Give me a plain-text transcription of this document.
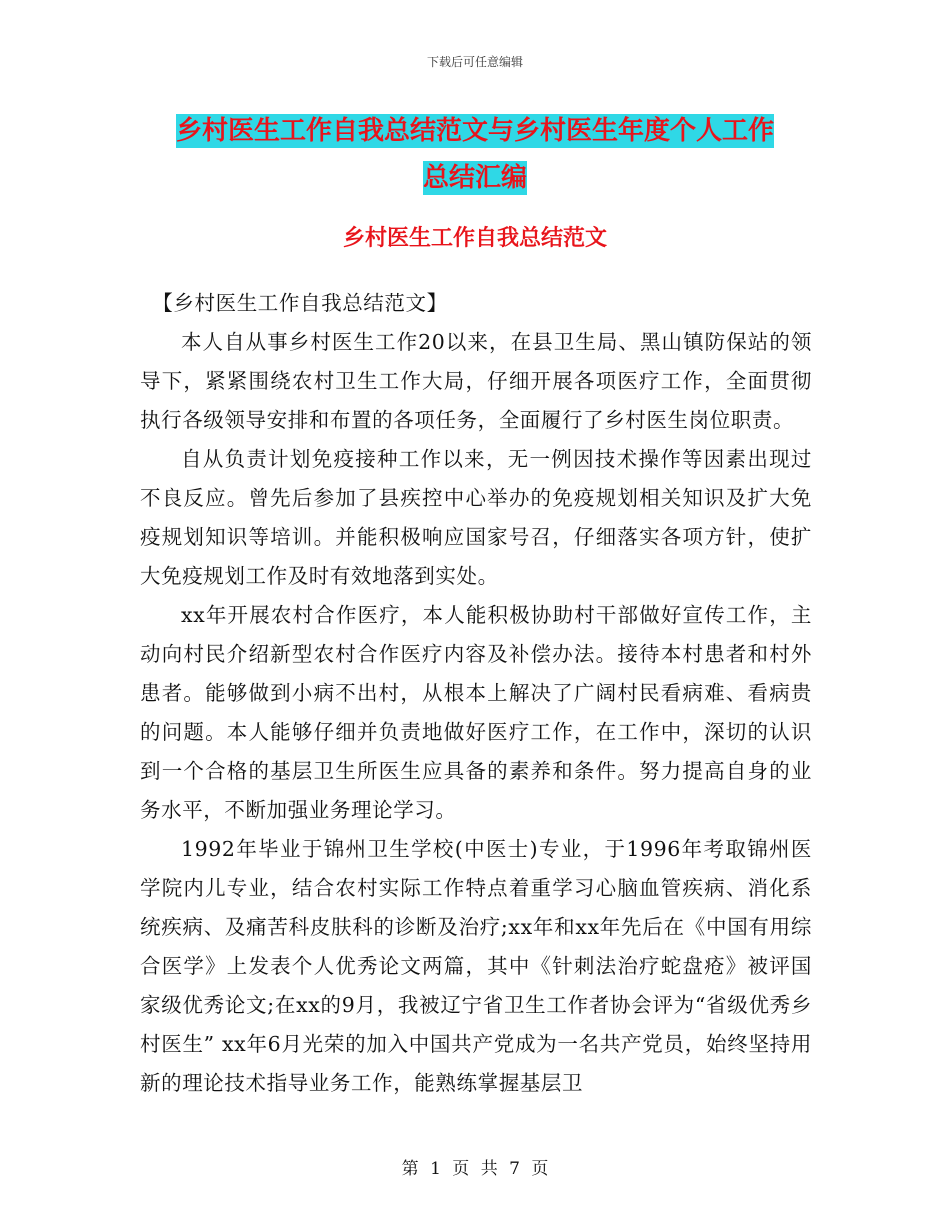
下载后可任意编辑
乡村医生工作自我总结范文与乡村医生年度个人工作
总结汇编
乡村医生工作自我总结范文

【乡村医生工作自我总结范文】

本人自从事乡村医生工作20以来，在县卫生局、黑山镇防保站的领导下，紧紧围绕农村卫生工作大局，仔细开展各项医疗工作，全面贯彻执行各级领导安排和布置的各项任务，全面履行了乡村医生岗位职责。

自从负责计划免疫接种工作以来，无一例因技术操作等因素出现过不良反应。曾先后参加了县疾控中心举办的免疫规划相关知识及扩大免疫规划知识等培训。并能积极响应国家号召，仔细落实各项方针，使扩大免疫规划工作及时有效地落到实处。

xx年开展农村合作医疗，本人能积极协助村干部做好宣传工作，主动向村民介绍新型农村合作医疗内容及补偿办法。接待本村患者和村外患者。能够做到小病不出村，从根本上解决了广阔村民看病难、看病贵的问题。本人能够仔细并负责地做好医疗工作，在工作中，深切的认识到一个合格的基层卫生所医生应具备的素养和条件。努力提高自身的业务水平，不断加强业务理论学习。

1992年毕业于锦州卫生学校(中医士)专业，于1996年考取锦州医学院内儿专业，结合农村实际工作特点着重学习心脑血管疾病、消化系统疾病、及痛苦科皮肤科的诊断及治疗;xx年和xx年先后在《中国有用综合医学》上发表个人优秀论文两篇，其中《针刺法治疗蛇盘疮》被评国家级优秀论文;在xx的9月，我被辽宁省卫生工作者协会评为“省级优秀乡村医生” xx年6月光荣的加入中国共产党成为一名共产党员，始终坚持用新的理论技术指导业务工作，能熟练掌握基层卫

第 1 页 共 7 页
